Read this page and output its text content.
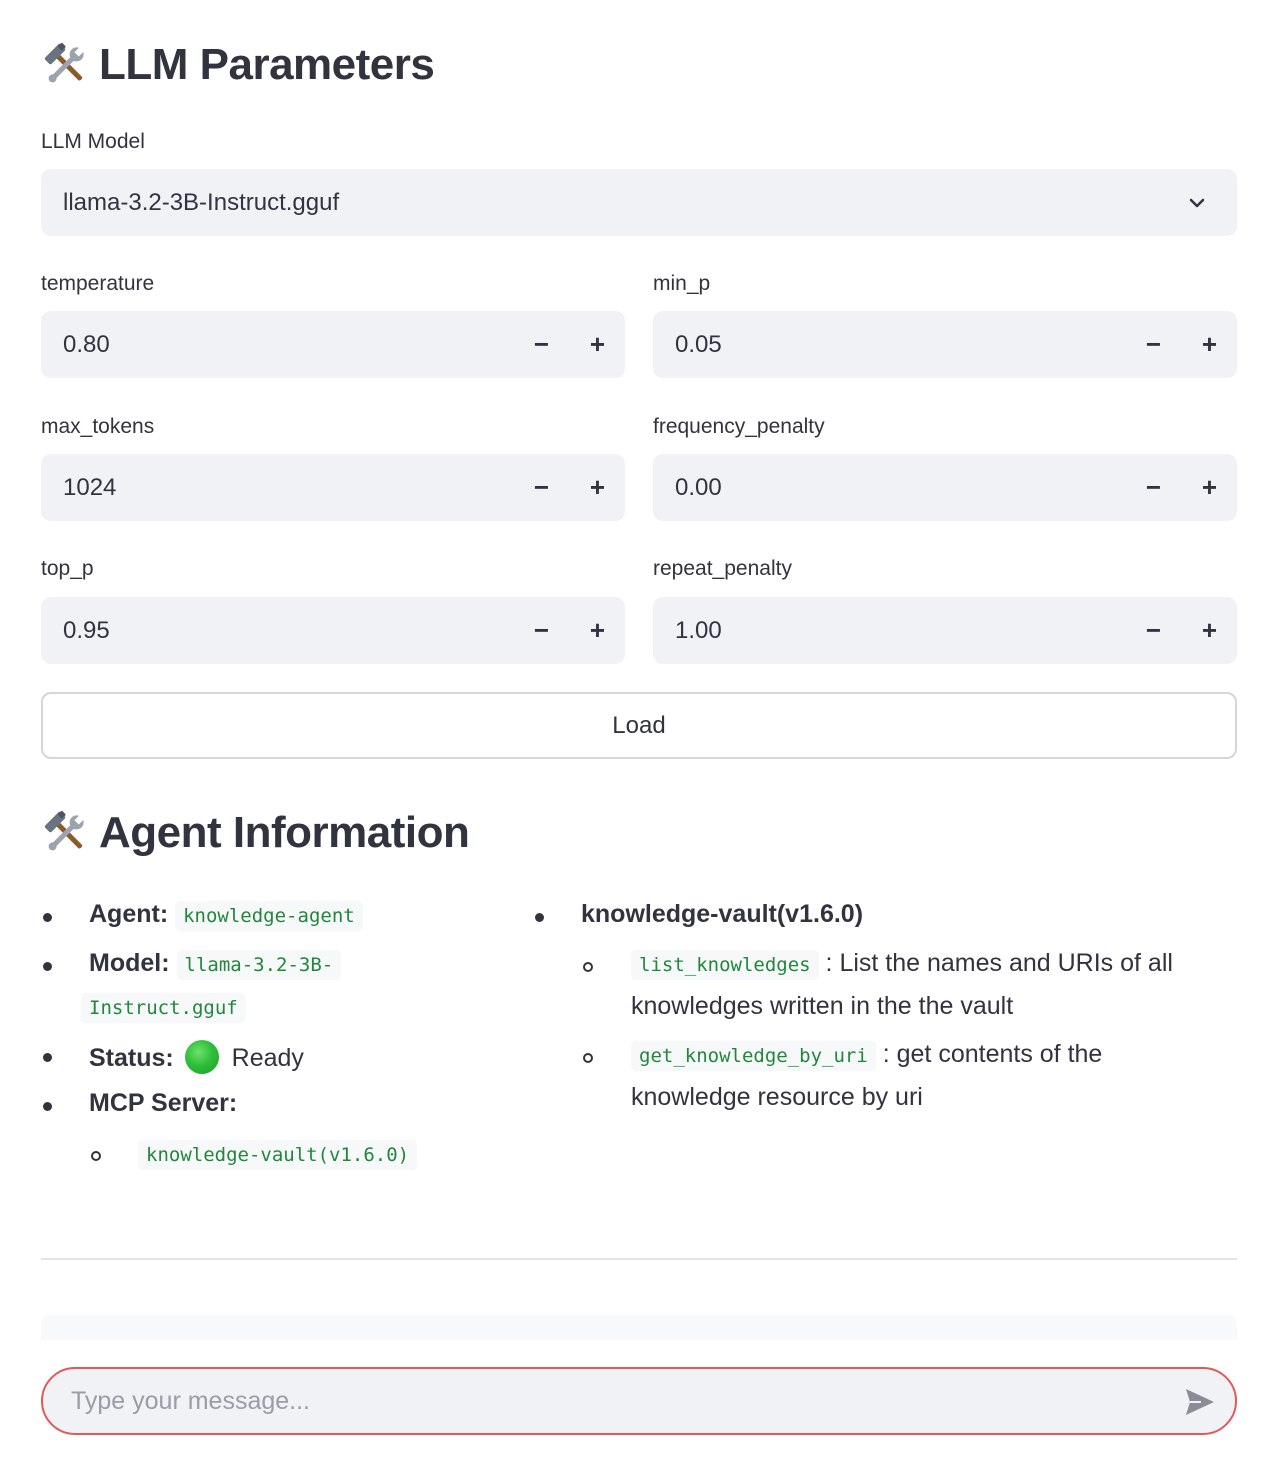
LLM Parameters
LLM Model
llama-3.2-3B-Instruct.gguf
temperature
0.80	−	+
min_p
0.05	−	+
max_tokens
1024	−	+
frequency_penalty
0.00	−	+
top_p
0.95	−	+
repeat_penalty
1.00	−	+
Load
Agent Information
Agent: knowledge-agent
Model: llama-3.2-3B-
Instruct.gguf
Status: Ready
MCP Server:
knowledge-vault(v1.6.0)
knowledge-vault(v1.6.0)
list_knowledges : List the names and URIs of all
knowledges written in the the vault
get_knowledge_by_uri : get contents of the
knowledge resource by uri
Type your message...
